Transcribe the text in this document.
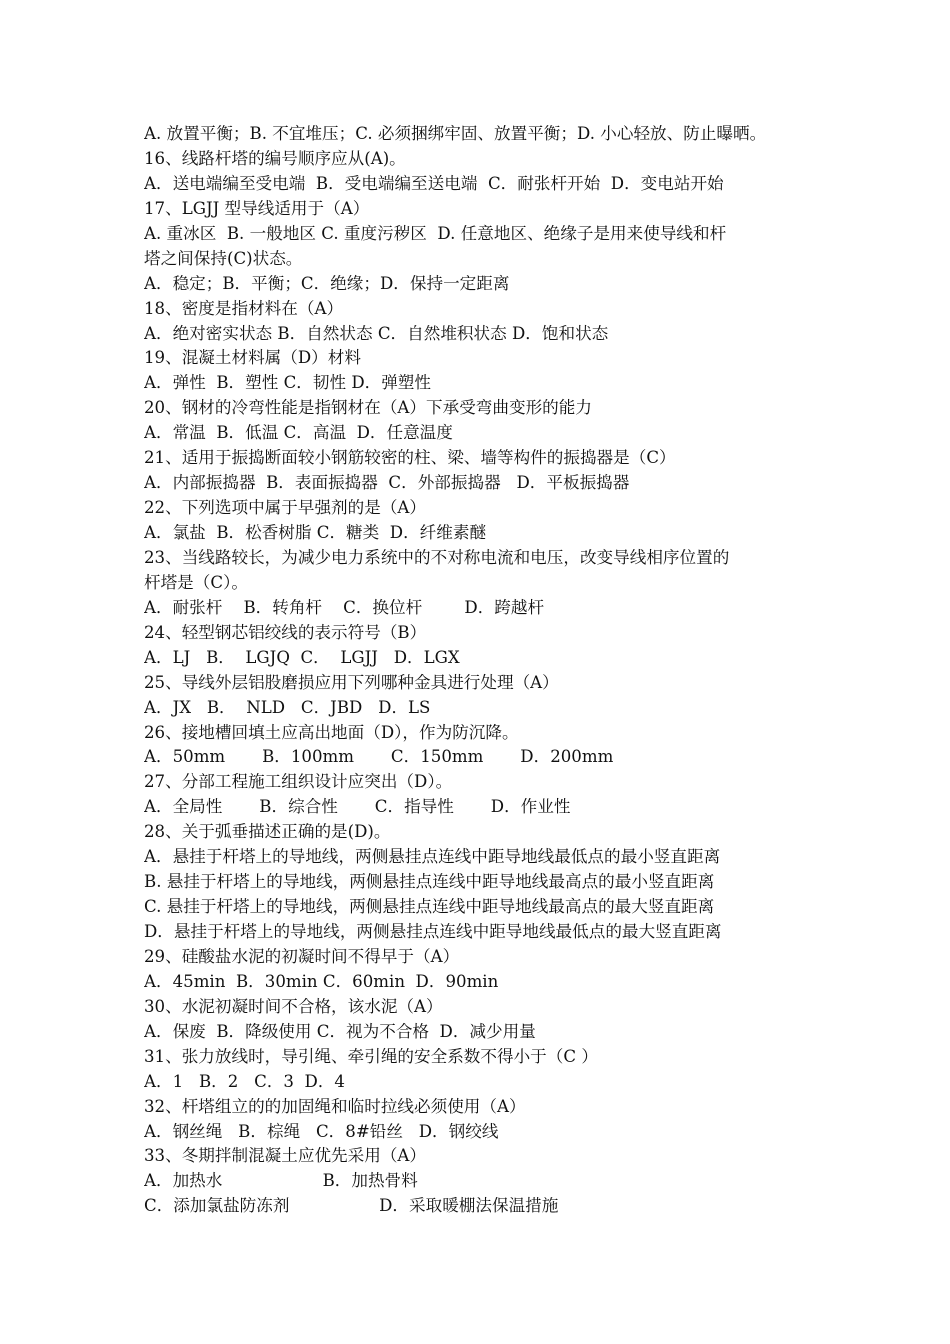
A. 放置平衡；B. 不宜堆压；C. 必须捆绑牢固、放置平衡；D. 小心轻放、防止曝晒。
16、线路杆塔的编号顺序应从(A)。
A．送电端编至受电端  B．受电端编至送电端  C．耐张杆开始  D．变电站开始
17、LGJJ 型导线适用于（A）
A. 重冰区  B. 一般地区 C. 重度污秽区  D. 任意地区、绝缘子是用来使导线和杆
塔之间保持(C)状态。
A．稳定；B．平衡；C．绝缘；D．保持一定距离
18、密度是指材料在（A）
A．绝对密实状态 B．自然状态 C．自然堆积状态 D．饱和状态
19、混凝土材料属（D）材料
A．弹性  B．塑性 C．韧性 D．弹塑性
20、钢材的冷弯性能是指钢材在（A）下承受弯曲变形的能力
A．常温  B．低温 C．高温  D．任意温度
21、适用于振捣断面较小钢筋较密的柱、梁、墙等构件的振捣器是（C）
A．内部振捣器  B．表面振捣器  C．外部振捣器   D．平板振捣器
22、下列选项中属于早强剂的是（A）
A．氯盐  B．松香树脂 C．糖类  D．纤维素醚
23、当线路较长，为减少电力系统中的不对称电流和电压，改变导线相序位置的
杆塔是（C）。
A．耐张杆    B．转角杆    C．换位杆        D．跨越杆
24、轻型钢芯铝绞线的表示符号（B）
A．LJ   B．  LGJQ  C．  LGJJ   D．LGX
25、导线外层铝股磨损应用下列哪种金具进行处理（A）
A．JX   B．  NLD   C．JBD   D．LS
26、接地槽回填土应高出地面（D），作为防沉降。
A．50mm       B．100mm       C．150mm       D．200mm
27、分部工程施工组织设计应突出（D）。
A．全局性       B．综合性       C．指导性       D．作业性
28、关于弧垂描述正确的是(D)。
A．悬挂于杆塔上的导地线，两侧悬挂点连线中距导地线最低点的最小竖直距离
B. 悬挂于杆塔上的导地线，两侧悬挂点连线中距导地线最高点的最小竖直距离
C. 悬挂于杆塔上的导地线，两侧悬挂点连线中距导地线最高点的最大竖直距离
D．悬挂于杆塔上的导地线，两侧悬挂点连线中距导地线最低点的最大竖直距离
29、硅酸盐水泥的初凝时间不得早于（A）
A．45min  B．30min C．60min  D．90min
30、水泥初凝时间不合格，该水泥（A）
A．保废  B．降级使用 C．视为不合格  D．减少用量
31、张力放线时，导引绳、牵引绳的安全系数不得小于（C ）
A．1   B．2   C．3  D．4
32、杆塔组立的的加固绳和临时拉线必须使用（A）
A．钢丝绳   B．棕绳   C．8#铅丝   D．钢绞线
33、冬期拌制混凝土应优先采用（A）
A．加热水                   B．加热骨料
C．添加氯盐防冻剂                 D．采取暖棚法保温措施
